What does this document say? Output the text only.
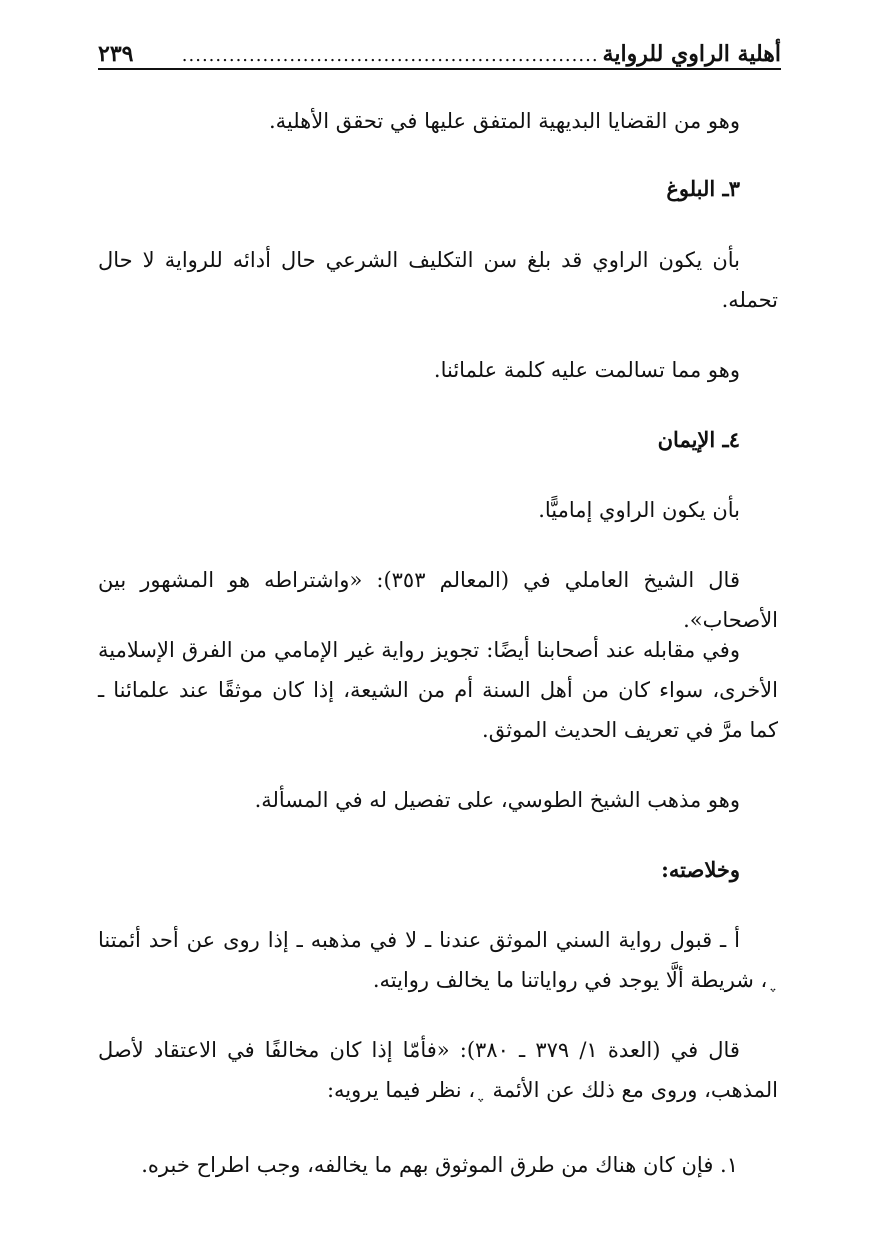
أهلية الراوي للرواية
..............................................................
٢٣٩

وهو من القضايا البديهية المتفق عليها في تحقق الأهلية.

٣ـ البلوغ

بأن يكون الراوي قد بلغ سن التكليف الشرعي حال أدائه للرواية لا حال تحمله.

وهو مما تسالمت عليه كلمة علمائنا.

٤ـ الإيمان

بأن يكون الراوي إماميًّا.

قال الشيخ العاملي في (المعالم ٣٥٣): «واشتراطه هو المشهور بين الأصحاب».

وفي مقابله عند أصحابنا أيضًا: تجويز رواية غير الإمامي من الفرق الإسلامية الأخرى، سواء كان من أهل السنة أم من الشيعة، إذا كان موثقًا عند علمائنا ـ كما مرَّ في تعريف الحديث الموثق.

وهو مذهب الشيخ الطوسي، على تفصيل له في المسألة.

وخلاصته:

أ ـ قبول رواية السني الموثق عندنا ـ لا في مذهبه ـ إذا روى عن أحد أئمتنا ﮹، شريطة ألَّا يوجد في رواياتنا ما يخالف روايته.

قال في (العدة ١/ ٣٧٩ ـ ٣٨٠): «فأمّا إذا كان مخالفًا في الاعتقاد لأصل المذهب، وروى مع ذلك عن الأئمة ﮹، نظر فيما يرويه:

١. فإن كان هناك من طرق الموثوق بهم ما يخالفه، وجب اطراح خبره.
